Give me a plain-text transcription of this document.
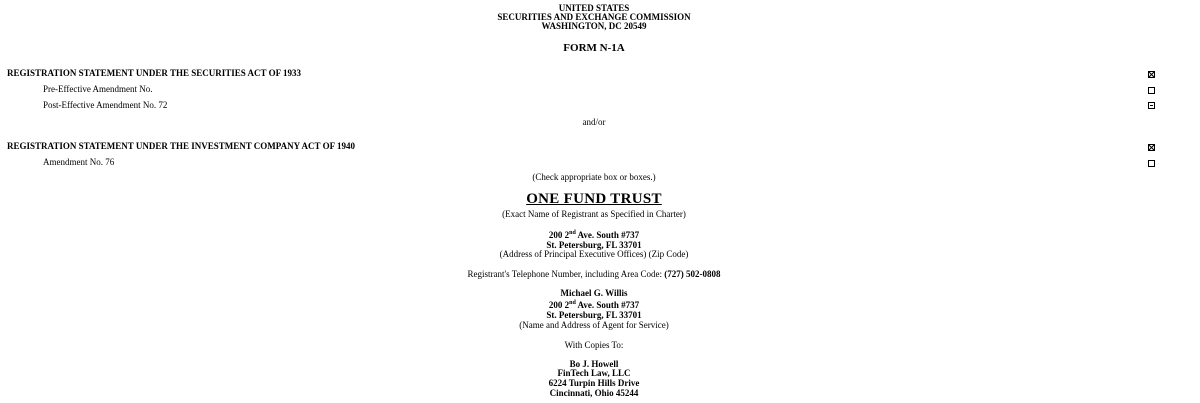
UNITED STATES
SECURITIES AND EXCHANGE COMMISSION
WASHINGTON, DC 20549
FORM N-1A
REGISTRATION STATEMENT UNDER THE SECURITIES ACT OF 1933
Pre-Effective Amendment No.
Post-Effective Amendment No. 72
and/or
REGISTRATION STATEMENT UNDER THE INVESTMENT COMPANY ACT OF 1940
Amendment No. 76
(Check appropriate box or boxes.)
ONE FUND TRUST
(Exact Name of Registrant as Specified in Charter)
200 2nd Ave. South #737
St. Petersburg, FL 33701
(Address of Principal Executive Offices) (Zip Code)
Registrant's Telephone Number, including Area Code: (727) 502-0808
Michael G. Willis
200 2nd Ave. South #737
St. Petersburg, FL 33701
(Name and Address of Agent for Service)
With Copies To:
Bo J. Howell
FinTech Law, LLC
6224 Turpin Hills Drive
Cincinnati, Ohio 45244
